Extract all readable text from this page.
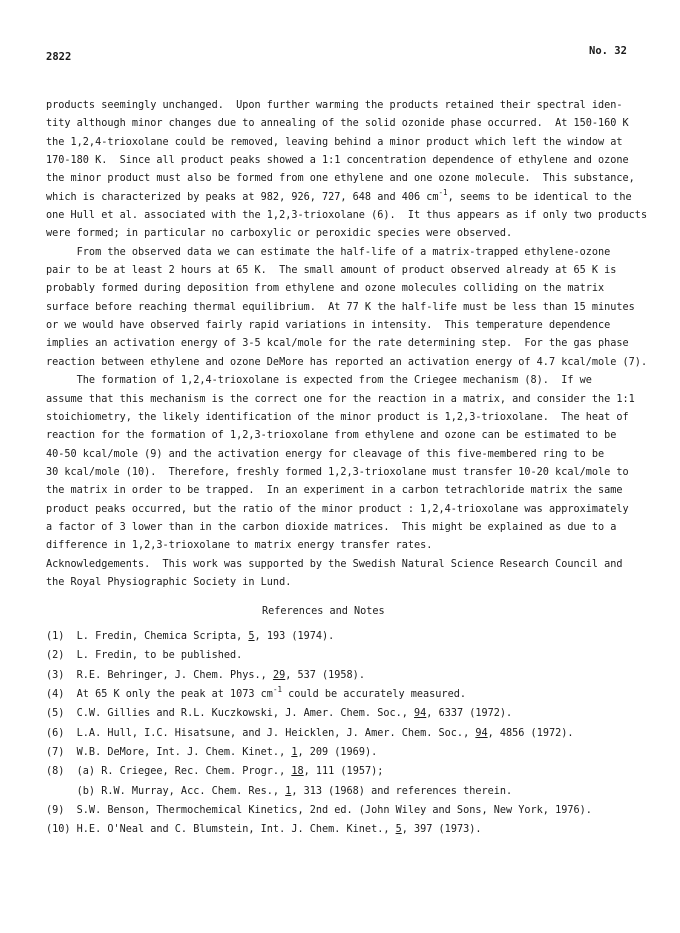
2822	No. 32
products seemingly unchanged.  Upon further warming the products retained their spectral iden-
tity although minor changes due to annealing of the solid ozonide phase occurred.  At 150-160 K
the 1,2,4-trioxolane could be removed, leaving behind a minor product which left the window at
170-180 K.  Since all product peaks showed a 1:1 concentration dependence of ethylene and ozone
the minor product must also be formed from one ethylene and one ozone molecule.  This substance,
which is characterized by peaks at 982, 926, 727, 648 and 406 $cm^{-1}$, seems to be identical to the
one Hull et al. associated with the 1,2,3-trioxolane (6).  It thus appears as if only two products
were formed; in particular no carboxylic or peroxidic species were observed.
From the observed data we can estimate the half-life of a matrix-trapped ethylene-ozone
pair to be at least 2 hours at 65 K.  The small amount of product observed already at 65 K is
probably formed during deposition from ethylene and ozone molecules colliding on the matrix
surface before reaching thermal equilibrium.  At 77 K the half-life must be less than 15 minutes
or we would have observed fairly rapid variations in intensity.  This temperature dependence
implies an activation energy of 3-5 kcal/mole for the rate determining step.  For the gas phase
reaction between ethylene and ozone DeMore has reported an activation energy of 4.7 kcal/mole (7).
The formation of 1,2,4-trioxolane is expected from the Criegee mechanism (8).  If we
assume that this mechanism is the correct one for the reaction in a matrix, and consider the 1:1
stoichiometry, the likely identification of the minor product is 1,2,3-trioxolane.  The heat of
reaction for the formation of 1,2,3-trioxolane from ethylene and ozone can be estimated to be
40-50 kcal/mole (9) and the activation energy for cleavage of this five-membered ring to be
30 kcal/mole (10).  Therefore, freshly formed 1,2,3-trioxolane must transfer 10-20 kcal/mole to
the matrix in order to be trapped.  In an experiment in a carbon tetrachloride matrix the same
product peaks occurred, but the ratio of the minor product : 1,2,4-trioxolane was approximately
a factor of 3 lower than in the carbon dioxide matrices.  This might be explained as due to a
difference in 1,2,3-trioxolane to matrix energy transfer rates.
Acknowledgements.  This work was supported by the Swedish Natural Science Research Council and
the Royal Physiographic Society in Lund.
References and Notes
(1)  L. Fredin, Chemica Scripta, 5, 193 (1974).
(2)  L. Fredin, to be published.
(3)  R.E. Behringer, J. Chem. Phys., 29, 537 (1958).
(4)  At 65 K only the peak at 1073 $cm^{-1}$ could be accurately measured.
(5)  C.W. Gillies and R.L. Kuczkowski, J. Amer. Chem. Soc., 94, 6337 (1972).
(6)  L.A. Hull, I.C. Hisatsune, and J. Heicklen, J. Amer. Chem. Soc., 94, 4856 (1972).
(7)  W.B. DeMore, Int. J. Chem. Kinet., 1, 209 (1969).
(8)  (a) R. Criegee, Rec. Chem. Progr., 18, 111 (1957);
(b) R.W. Murray, Acc. Chem. Res., 1, 313 (1968) and references therein.
(9)  S.W. Benson, Thermochemical Kinetics, 2nd ed. (John Wiley and Sons, New York, 1976).
(10) H.E. O'Neal and C. Blumstein, Int. J. Chem. Kinet., 5, 397 (1973).
